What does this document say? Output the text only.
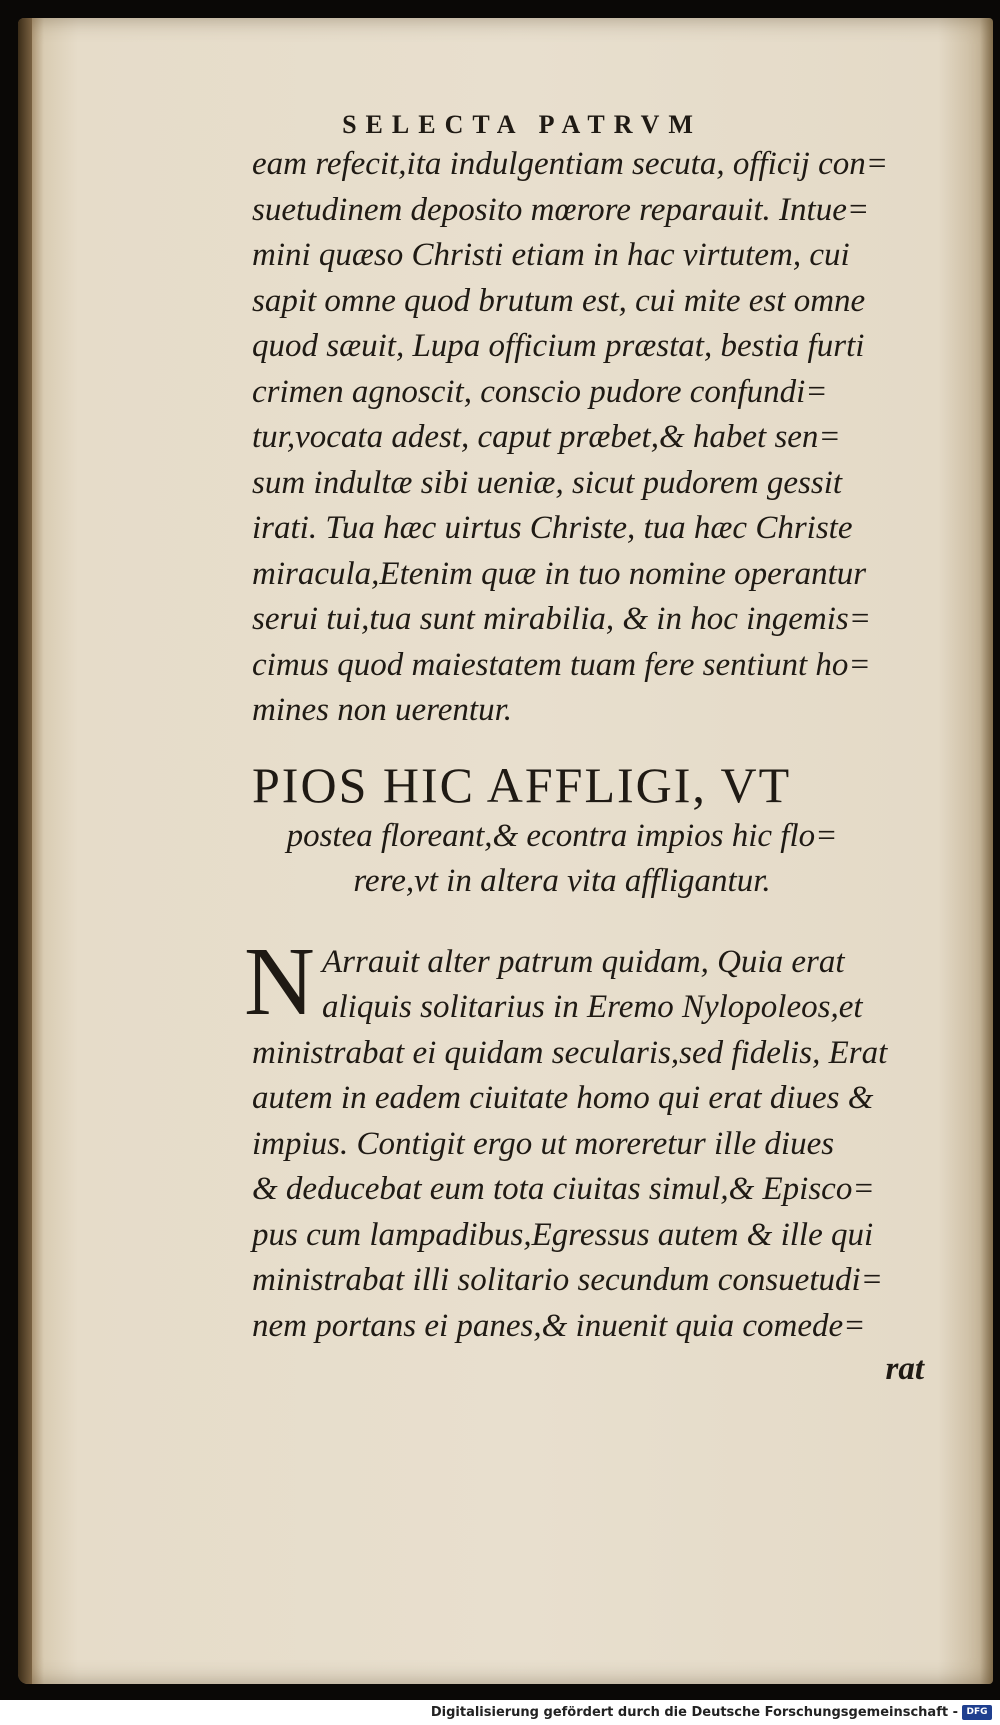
SELECTA PATRVM

eam refecit,ita indulgentiam secuta, officij con=
suetudinem deposito mœrore reparauit. Intue=
mini quæso Christi etiam in hac virtutem, cui
sapit omne quod brutum est, cui mite est omne
quod sæuit, Lupa officium præstat, bestia furti
crimen agnoscit, conscio pudore confundi=
tur,vocata adest, caput præbet,& habet sen=
sum indultæ sibi ueniæ, sicut pudorem gessit
irati. Tua hæc uirtus Christe, tua hæc Christe
miracula,Etenim quæ in tuo nomine operantur
serui tui,tua sunt mirabilia, & in hoc ingemis=
cimus quod maiestatem tuam fere sentiunt ho=
mines non uerentur.

PIOS HIC AFFLIGI, VT
postea floreant,& econtra impios hic flo=
rere,vt in altera vita affligantur.
N Arrauit alter patrum quidam, Quia erat
aliquis solitarius in Eremo Nylopoleos,et
ministrabat ei quidam secularis,sed fidelis, Erat
autem in eadem ciuitate homo qui erat diues &
impius. Contigit ergo ut moreretur ille diues
& deducebat eum tota ciuitas simul,& Episco=
pus cum lampadibus,Egressus autem & ille qui
ministrabat illi solitario secundum consuetudi=
nem portans ei panes,& inuenit quia comede=

rat

Digitalisierung gefördert durch die Deutsche Forschungsgemeinschaft - DFG
